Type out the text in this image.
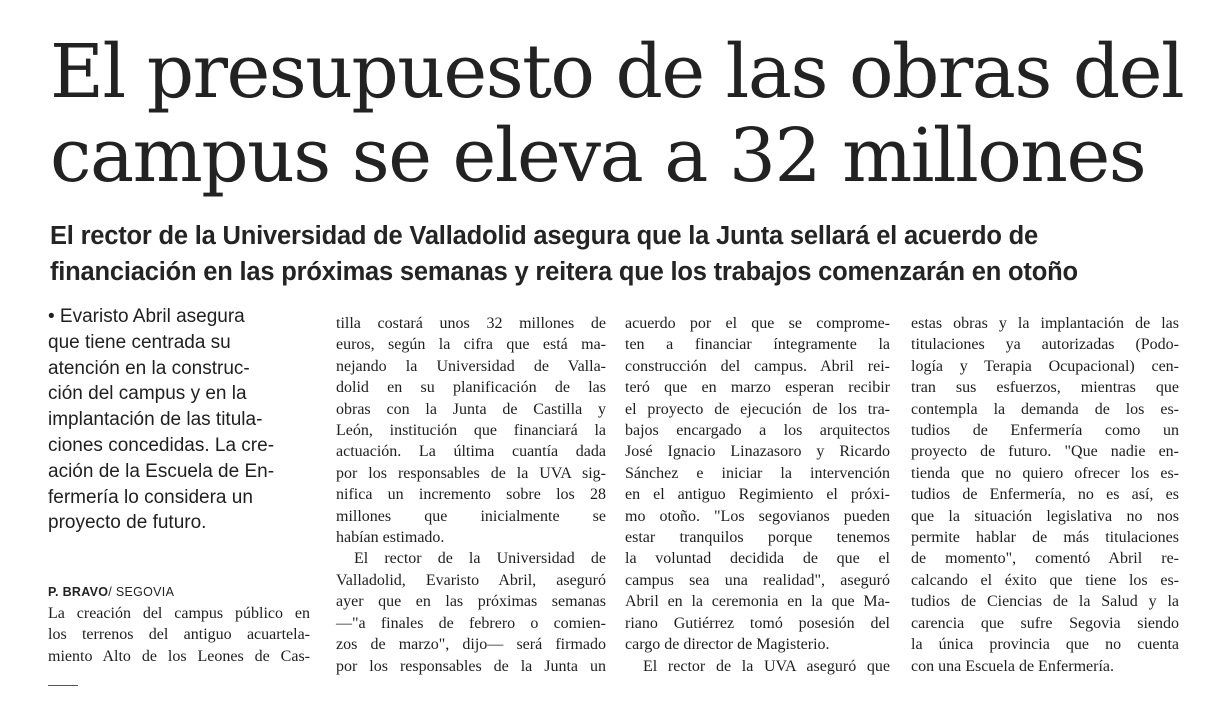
El presupuesto de las obras del
campus se eleva a 32 millones
El rector de la Universidad de Valladolid asegura que la Junta sellará el acuerdo de
financiación en las próximas semanas y reitera que los trabajos comenzarán en otoño
• Evaristo Abril asegura
que tiene centrada su
atención en la construc-
ción del campus y en la
implantación de las titula-
ciones concedidas. La cre-
ación de la Escuela de En-
fermería lo considera un
proyecto de futuro.
P. BRAVO/ SEGOVIA
La creación del campus público en
los terrenos del antiguo acuartela-
miento Alto de los Leones de Cas-
tilla costará unos 32 millones de
euros, según la cifra que está ma-
nejando la Universidad de Valla-
dolid en su planificación de las
obras con la Junta de Castilla y
León, institución que financiará la
actuación. La última cuantía dada
por los responsables de la UVA sig-
nifica un incremento sobre los 28
millones que inicialmente se
habían estimado.
El rector de la Universidad de
Valladolid, Evaristo Abril, aseguró
ayer que en las próximas semanas
—"a finales de febrero o comien-
zos de marzo", dijo— será firmado
por los responsables de la Junta un
acuerdo por el que se comprome-
ten a financiar íntegramente la
construcción del campus. Abril rei-
teró que en marzo esperan recibir
el proyecto de ejecución de los tra-
bajos encargado a los arquitectos
José Ignacio Linazasoro y Ricardo
Sánchez e iniciar la intervención
en el antiguo Regimiento el próxi-
mo otoño. "Los segovianos pueden
estar tranquilos porque tenemos
la voluntad decidida de que el
campus sea una realidad", aseguró
Abril en la ceremonia en la que Ma-
riano Gutiérrez tomó posesión del
cargo de director de Magisterio.
El rector de la UVA aseguró que
estas obras y la implantación de las
titulaciones ya autorizadas (Podo-
logía y Terapia Ocupacional) cen-
tran sus esfuerzos, mientras que
contempla la demanda de los es-
tudios de Enfermería como un
proyecto de futuro. "Que nadie en-
tienda que no quiero ofrecer los es-
tudios de Enfermería, no es así, es
que la situación legislativa no nos
permite hablar de más titulaciones
de momento", comentó Abril re-
calcando el éxito que tiene los es-
tudios de Ciencias de la Salud y la
carencia que sufre Segovia siendo
la única provincia que no cuenta
con una Escuela de Enfermería.
